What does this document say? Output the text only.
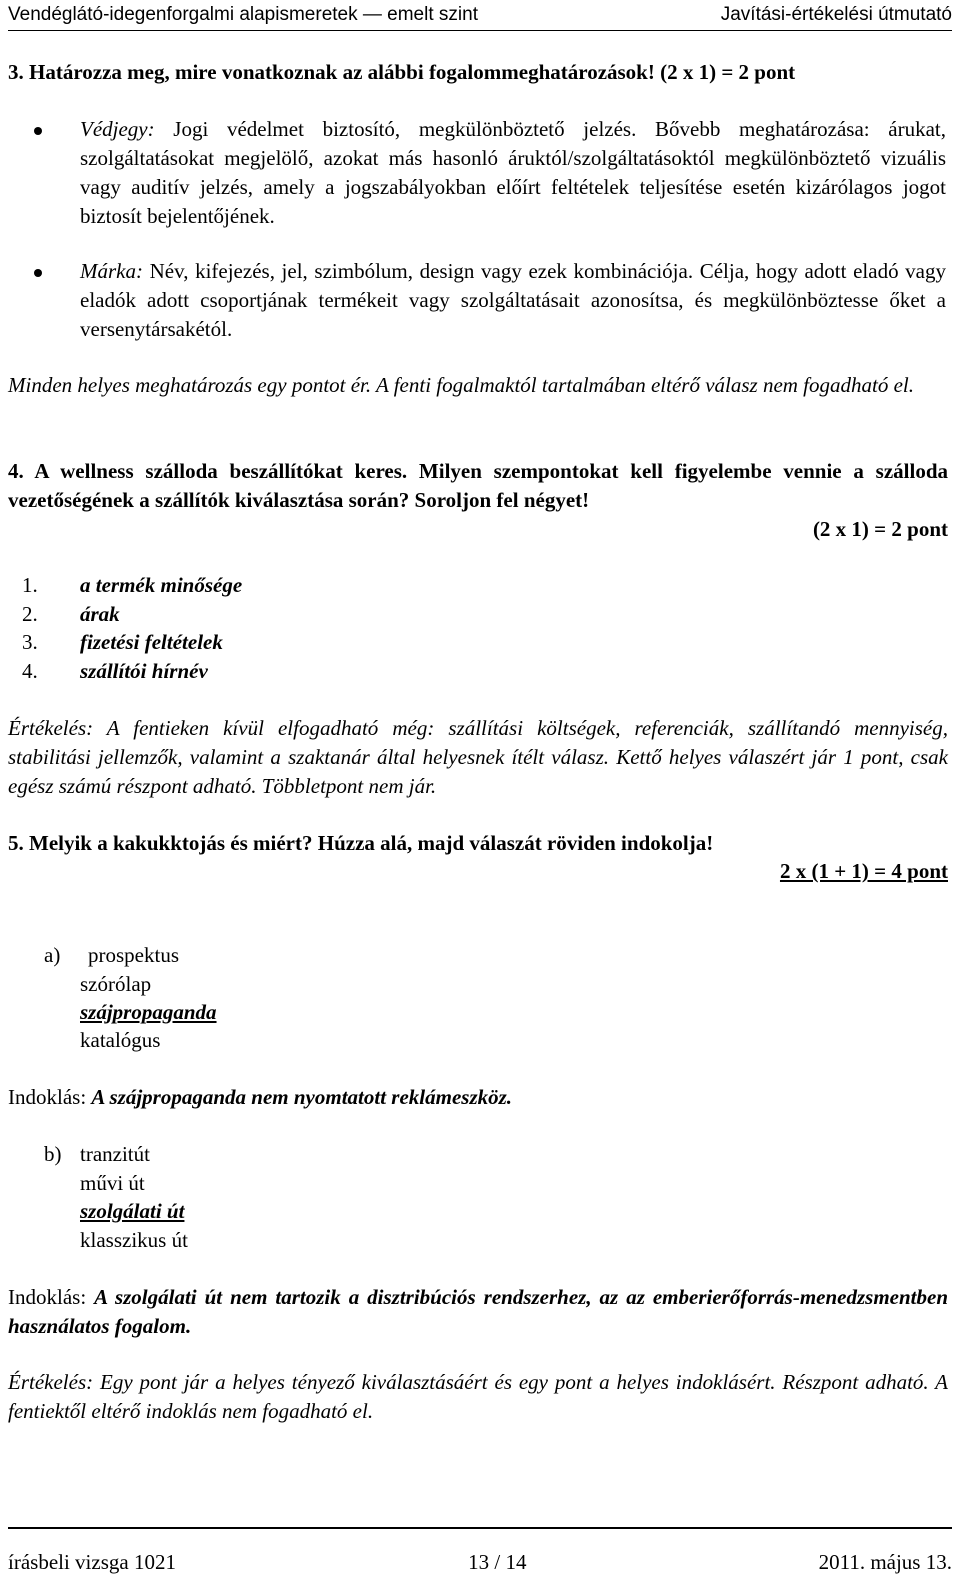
Vendéglátó-idegenforgalmi alapismeretek — emelt szint	Javítási-értékelési útmutató
3. Határozza meg, mire vonatkoznak az alábbi fogalommeghatározások! (2 x 1) = 2 pont
Védjegy: Jogi védelmet biztosító, megkülönböztető jelzés. Bővebb meghatározása: árukat, szolgáltatásokat megjelölő, azokat más hasonló áruktól/szolgáltatásoktól megkülönböztető vizuális vagy auditív jelzés, amely a jogszabályokban előírt feltételek teljesítése esetén kizárólagos jogot biztosít bejelentőjének.
Márka: Név, kifejezés, jel, szimbólum, design vagy ezek kombinációja. Célja, hogy adott eladó vagy eladók adott csoportjának termékeit vagy szolgáltatásait azonosítsa, és megkülönböztesse őket a versenytársakétól.
Minden helyes meghatározás egy pontot ér. A fenti fogalmaktól tartalmában eltérő válasz nem fogadható el.
4. A wellness szálloda beszállítókat keres. Milyen szempontokat kell figyelembe vennie a szálloda vezetőségének a szállítók kiválasztása során? Soroljon fel négyet!
(2 x 1) = 2 pont
1. a termék minősége
2. árak
3. fizetési feltételek
4. szállítói hírnév
Értékelés: A fentieken kívül elfogadható még: szállítási költségek, referenciák, szállítandó mennyiség, stabilitási jellemzők, valamint a szaktanár által helyesnek ítélt válasz. Kettő helyes válaszért jár 1 pont, csak egész számú részpont adható. Többletpont nem jár.
5. Melyik a kakukktojás és miért? Húzza alá, majd válaszát röviden indokolja!
2 x (1 + 1) = 4 pont
a) prospektus
szórólap
szájpropaganda
katalógus
Indoklás: A szájpropaganda nem nyomtatott reklámeszköz.
b) tranzitút
művi út
szolgálati út
klasszikus út
Indoklás: A szolgálati út nem tartozik a disztribúciós rendszerhez, az az emberierőforrás-menedzsmentben használatos fogalom.
Értékelés: Egy pont jár a helyes tényező kiválasztásáért és egy pont a helyes indoklásért. Részpont adható. A fentiektől eltérő indoklás nem fogadható el.
írásbeli vizsga 1021	13 / 14	2011. május 13.
